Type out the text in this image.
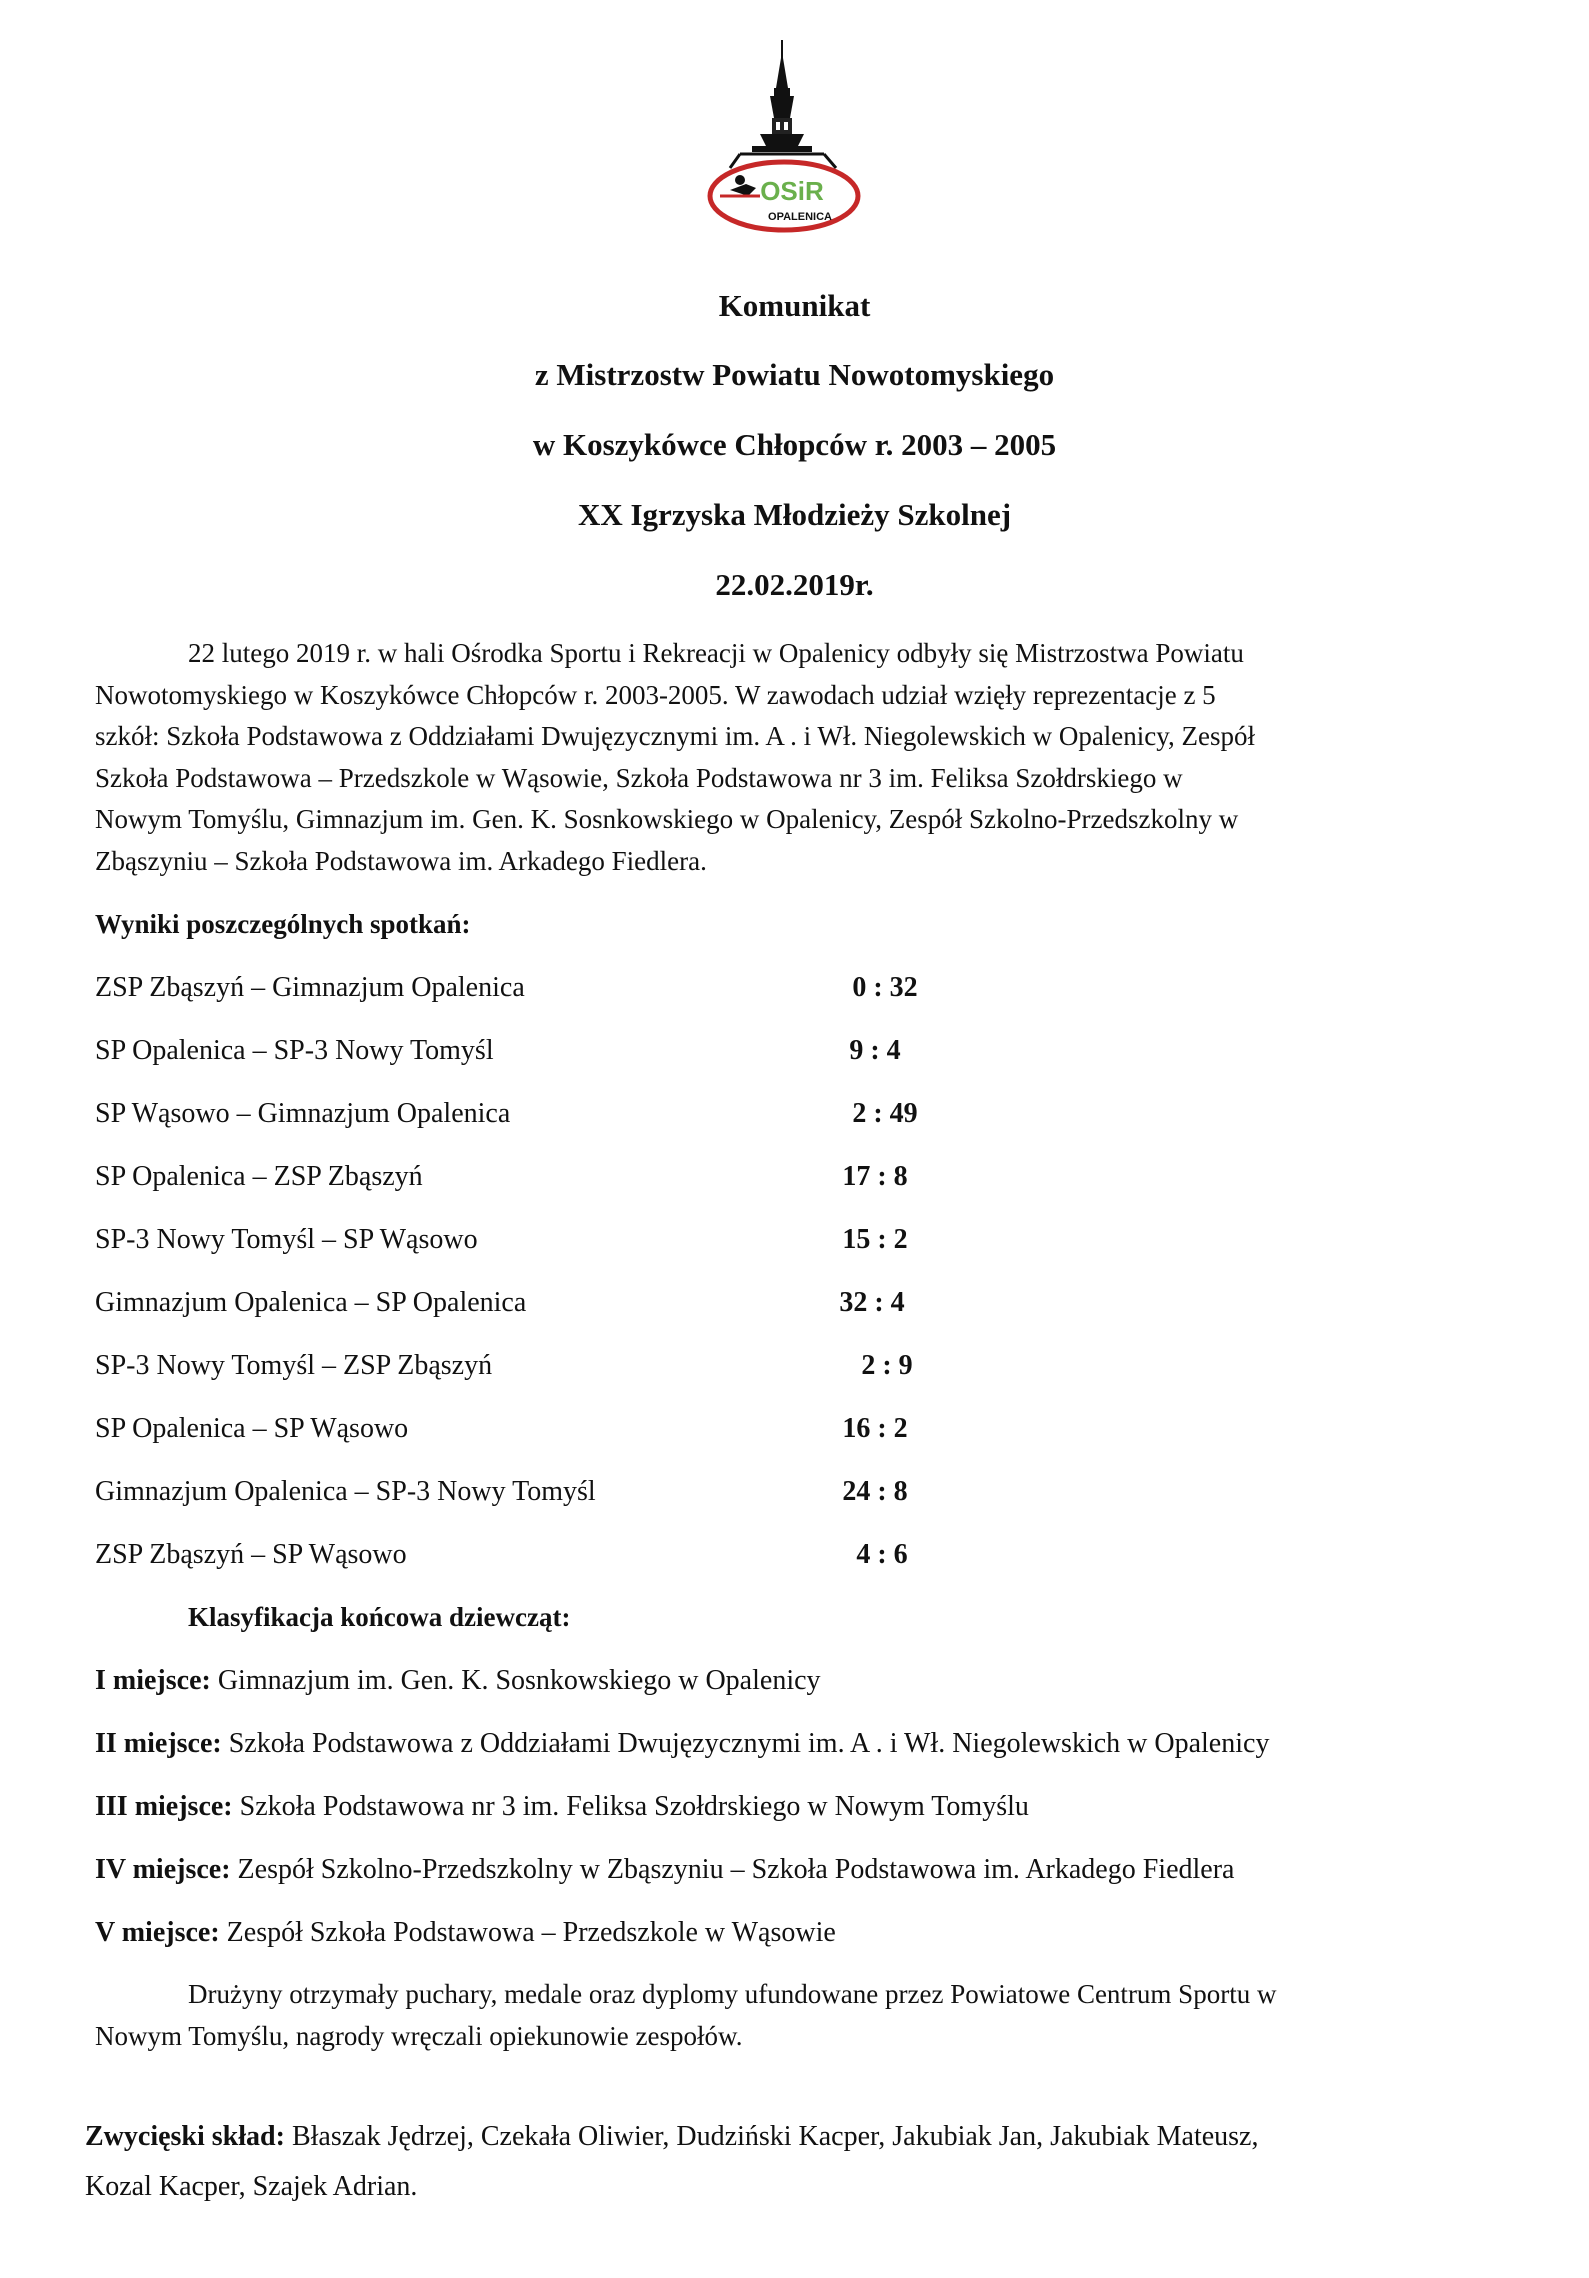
OSiR
OPALENICA
Komunikat
z Mistrzostw Powiatu Nowotomyskiego
w Koszykówce Chłopców r. 2003 – 2005
XX Igrzyska Młodzieży Szkolnej
22.02.2019r.
22 lutego 2019 r. w hali Ośrodka Sportu i Rekreacji w Opalenicy odbyły się Mistrzostwa Powiatu
Nowotomyskiego w Koszykówce Chłopców r. 2003-2005. W zawodach udział wzięły reprezentacje z 5
szkół: Szkoła Podstawowa z Oddziałami Dwujęzycznymi im. A . i Wł. Niegolewskich w Opalenicy, Zespół
Szkoła Podstawowa – Przedszkole w Wąsowie, Szkoła Podstawowa nr 3 im. Feliksa Szołdrskiego w
Nowym Tomyślu, Gimnazjum im. Gen. K. Sosnkowskiego w Opalenicy, Zespół Szkolno-Przedszkolny w
Zbąszyniu – Szkoła Podstawowa im. Arkadego Fiedlera.
Wyniki poszczególnych spotkań:
ZSP Zbąszyń – Gimnazjum Opalenica	0 : 32
SP Opalenica – SP-3 Nowy Tomyśl	9 : 4
SP Wąsowo – Gimnazjum Opalenica	2 : 49
SP Opalenica – ZSP Zbąszyń	17 : 8
SP-3 Nowy Tomyśl – SP Wąsowo	15 : 2
Gimnazjum Opalenica – SP Opalenica	32 : 4
SP-3 Nowy Tomyśl – ZSP Zbąszyń	2 : 9
SP Opalenica – SP Wąsowo	16 : 2
Gimnazjum Opalenica – SP-3 Nowy Tomyśl	24 : 8
ZSP Zbąszyń – SP Wąsowo	4 : 6
Klasyfikacja końcowa dziewcząt:
I miejsce: Gimnazjum im. Gen. K. Sosnkowskiego w Opalenicy
II miejsce: Szkoła Podstawowa z Oddziałami Dwujęzycznymi im. A . i Wł. Niegolewskich w Opalenicy
III miejsce: Szkoła Podstawowa nr 3 im. Feliksa Szołdrskiego w Nowym Tomyślu
IV miejsce: Zespół Szkolno-Przedszkolny w Zbąszyniu – Szkoła Podstawowa im. Arkadego Fiedlera
V miejsce: Zespół Szkoła Podstawowa – Przedszkole w Wąsowie
Drużyny otrzymały puchary, medale oraz dyplomy ufundowane przez Powiatowe Centrum Sportu w
Nowym Tomyślu, nagrody wręczali opiekunowie zespołów.
Zwycięski skład: Błaszak Jędrzej, Czekała Oliwier, Dudziński Kacper, Jakubiak Jan, Jakubiak Mateusz,
Kozal Kacper, Szajek Adrian.
